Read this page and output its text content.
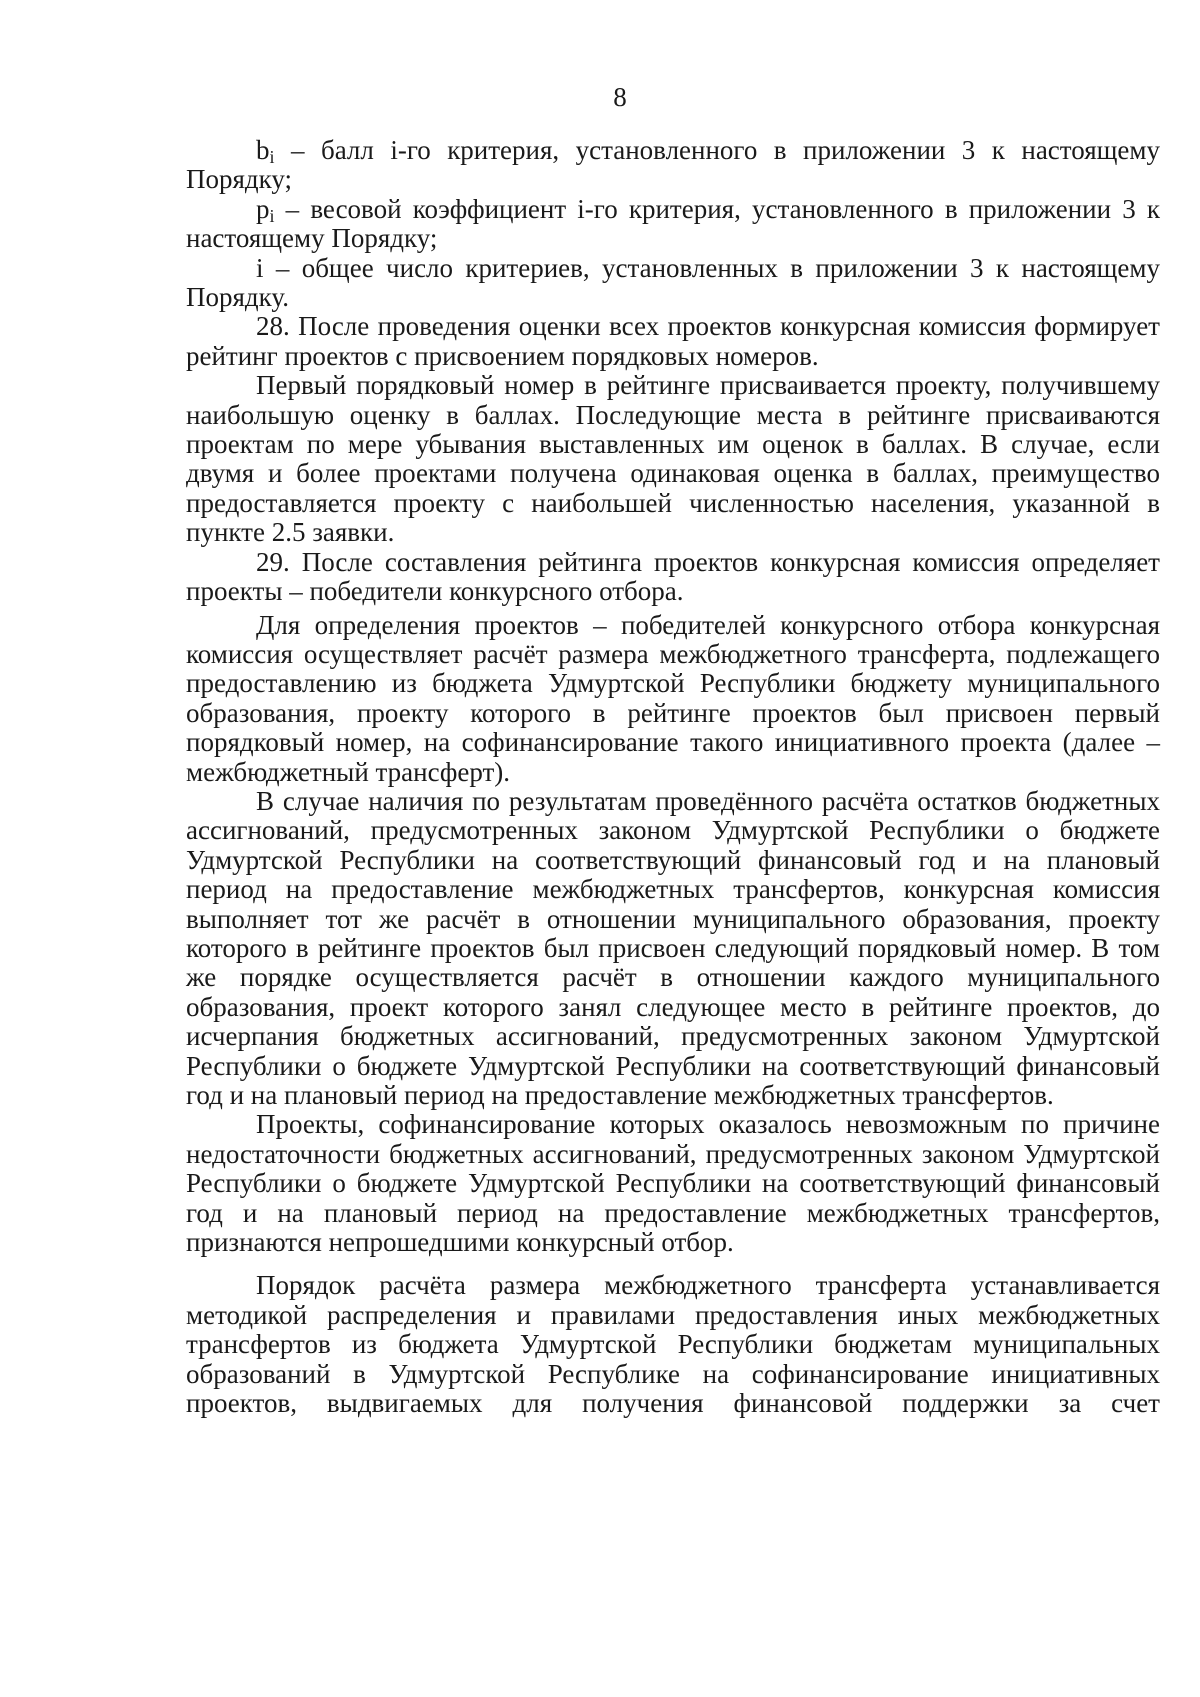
8

$b_i$ – балл i-го критерия, установленного в приложении 3 к настоящему Порядку;

$p_i$ – весовой коэффициент i-го критерия, установленного в приложении 3 к настоящему Порядку;

i – общее число критериев, установленных в приложении 3 к настоящему Порядку.

28. После проведения оценки всех проектов конкурсная комиссия формирует рейтинг проектов с присвоением порядковых номеров.

Первый порядковый номер в рейтинге присваивается проекту, получившему наибольшую оценку в баллах. Последующие места в рейтинге присваиваются проектам по мере убывания выставленных им оценок в баллах. В случае, если двумя и более проектами получена одинаковая оценка в баллах, преимущество предоставляется проекту с наибольшей численностью населения, указанной в пункте 2.5 заявки.

29. После составления рейтинга проектов конкурсная комиссия определяет проекты – победители конкурсного отбора.

Для определения проектов – победителей конкурсного отбора конкурсная комиссия осуществляет расчёт размера межбюджетного трансферта, подлежащего предоставлению из бюджета Удмуртской Республики бюджету муниципального образования, проекту которого в рейтинге проектов был присвоен первый порядковый номер, на софинансирование такого инициативного проекта (далее – межбюджетный трансферт).

В случае наличия по результатам проведённого расчёта остатков бюджетных ассигнований, предусмотренных законом Удмуртской Республики о бюджете Удмуртской Республики на соответствующий финансовый год и на плановый период на предоставление межбюджетных трансфертов, конкурсная комиссия выполняет тот же расчёт в отношении муниципального образования, проекту которого в рейтинге проектов был присвоен следующий порядковый номер. В том же порядке осуществляется расчёт в отношении каждого муниципального образования, проект которого занял следующее место в рейтинге проектов, до исчерпания бюджетных ассигнований, предусмотренных законом Удмуртской Республики о бюджете Удмуртской Республики на соответствующий финансовый год и на плановый период на предоставление межбюджетных трансфертов.

Проекты, софинансирование которых оказалось невозможным по причине недостаточности бюджетных ассигнований, предусмотренных законом Удмуртской Республики о бюджете Удмуртской Республики на соответствующий финансовый год и на плановый период на предоставление межбюджетных трансфертов, признаются непрошедшими конкурсный отбор.

Порядок расчёта размера межбюджетного трансферта устанавливается методикой распределения и правилами предоставления иных межбюджетных трансфертов из бюджета Удмуртской Республики бюджетам муниципальных образований в Удмуртской Республике на софинансирование инициативных проектов, выдвигаемых для получения финансовой поддержки за счет
